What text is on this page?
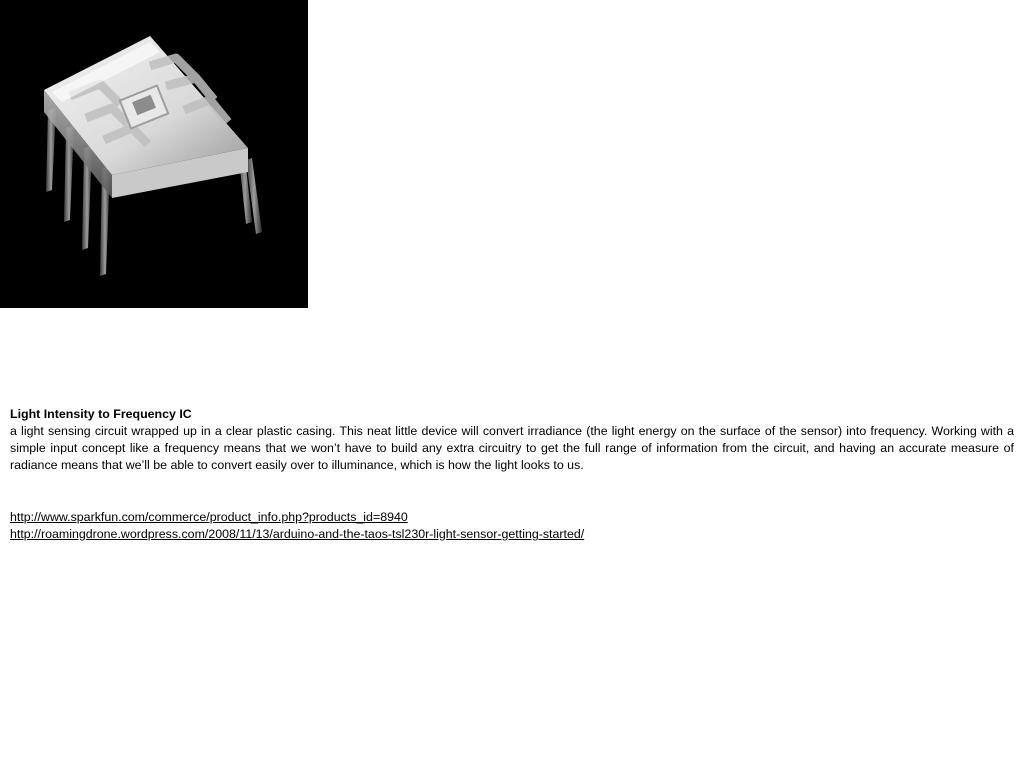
Light Intensity to Frequency IC
a light sensing circuit wrapped up in a clear plastic casing. This neat little device will convert irradiance (the light energy on the surface of the sensor) into frequency. Working with a simple input concept like a frequency means that we won’t have to build any extra circuitry to get the full range of information from the circuit, and having an accurate measure of radiance means that we’ll be able to convert easily over to illuminance, which is how the light looks to us.
http://www.sparkfun.com/commerce/product_info.php?products_id=8940
http://roamingdrone.wordpress.com/2008/11/13/arduino-and-the-taos-tsl230r-light-sensor-getting-started/
